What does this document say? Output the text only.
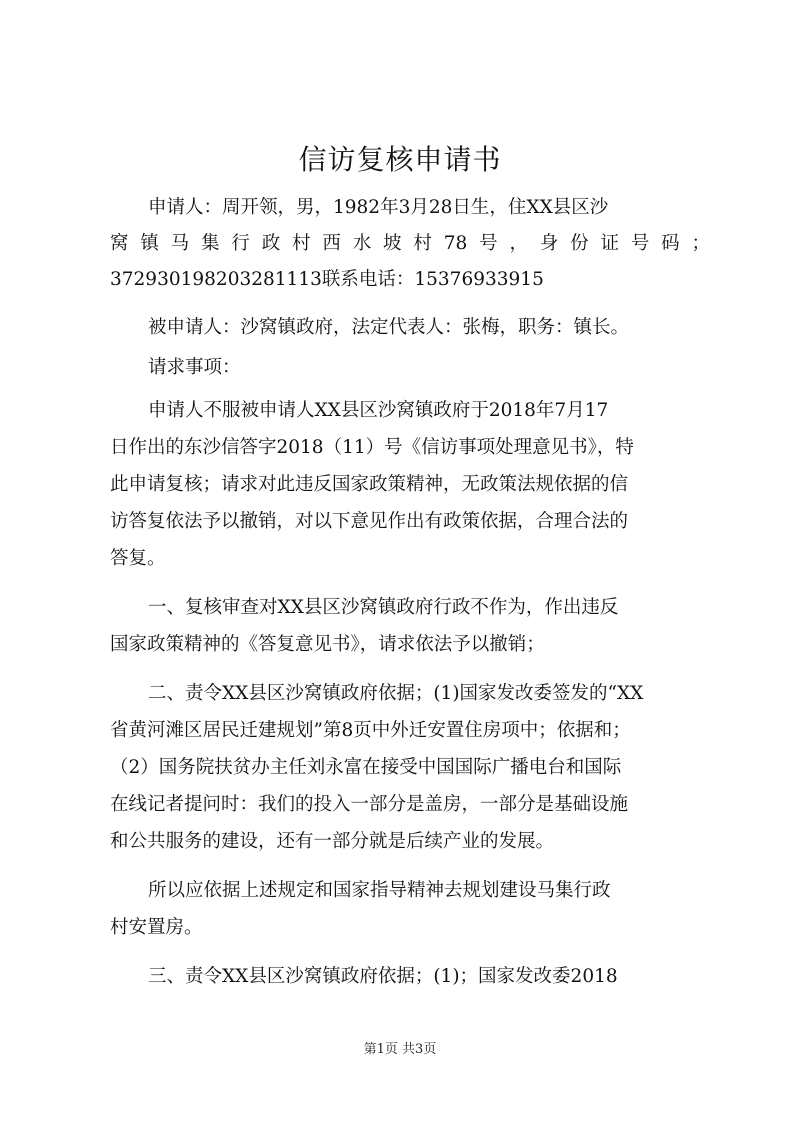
信访复核申请书
申请人：周开领，男，1982年3月28日生，住XX县区沙
窝镇马集行政村西水坡村78号，身份证号码；
372930198203281113联系电话：15376933915
被申请人：沙窝镇政府，法定代表人：张梅，职务：镇长。
请求事项：
申请人不服被申请人XX县区沙窝镇政府于2018年7月17
日作出的东沙信答字2018（11）号《信访事项处理意见书》，特
此申请复核；请求对此违反国家政策精神，无政策法规依据的信
访答复依法予以撤销，对以下意见作出有政策依据，合理合法的
答复。
一、复核审查对XX县区沙窝镇政府行政不作为，作出违反
国家政策精神的《答复意见书》，请求依法予以撤销；
二、责令XX县区沙窝镇政府依据；(1)国家发改委签发的“XX
省黄河滩区居民迁建规划”第8页中外迁安置住房项中；依据和；
（2）国务院扶贫办主任刘永富在接受中国国际广播电台和国际
在线记者提问时：我们的投入一部分是盖房，一部分是基础设施
和公共服务的建设，还有一部分就是后续产业的发展。
所以应依据上述规定和国家指导精神去规划建设马集行政
村安置房。
三、责令XX县区沙窝镇政府依据；(1)；国家发改委2018
第1页 共3页
